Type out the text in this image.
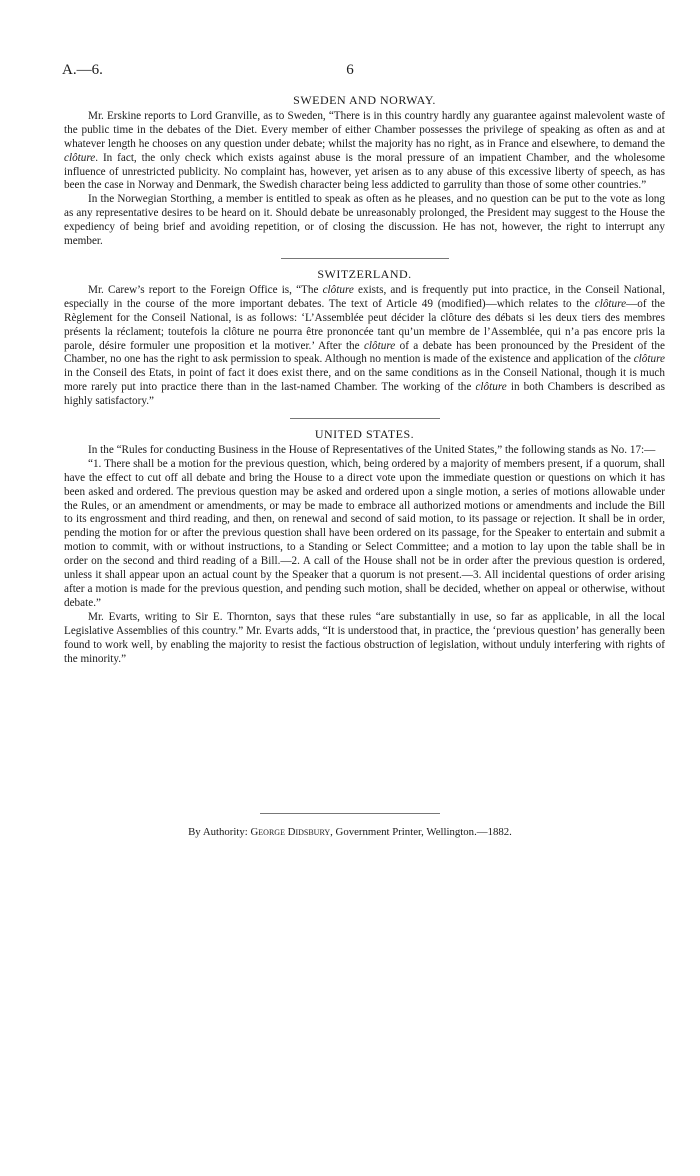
A.—6.	6
SWEDEN AND NORWAY.

Mr. Erskine reports to Lord Granville, as to Sweden, “There is in this country hardly any guarantee against malevolent waste of the public time in the debates of the Diet. Every member of either Chamber possesses the privilege of speaking as often as and at whatever length he chooses on any question under debate; whilst the majority has no right, as in France and elsewhere, to demand the clôture. In fact, the only check which exists against abuse is the moral pressure of an impatient Chamber, and the wholesome influence of unrestricted publicity. No complaint has, however, yet arisen as to any abuse of this excessive liberty of speech, as has been the case in Norway and Denmark, the Swedish character being less addicted to garrulity than those of some other countries.”

In the Norwegian Storthing, a member is entitled to speak as often as he pleases, and no question can be put to the vote as long as any representative desires to be heard on it. Should debate be unreasonably prolonged, the President may suggest to the House the expediency of being brief and avoiding repetition, or of closing the discussion. He has not, however, the right to interrupt any member.

SWITZERLAND.

Mr. Carew’s report to the Foreign Office is, “The clôture exists, and is frequently put into practice, in the Conseil National, especially in the course of the more important debates. The text of Article 49 (modified)—which relates to the clôture—of the Règlement for the Conseil National, is as follows: ‘L’Assemblée peut décider la clôture des débats si les deux tiers des membres présents la réclament; toutefois la clôture ne pourra être prononcée tant qu’un membre de l’Assemblée, qui n’a pas encore pris la parole, désire formuler une proposition et la motiver.’ After the clôture of a debate has been pronounced by the President of the Chamber, no one has the right to ask permission to speak. Although no mention is made of the existence and application of the clôture in the Conseil des Etats, in point of fact it does exist there, and on the same conditions as in the Conseil National, though it is much more rarely put into practice there than in the last-named Chamber. The working of the clôture in both Chambers is described as highly satisfactory.”

UNITED STATES.

In the “Rules for conducting Business in the House of Representatives of the United States,” the following stands as No. 17:—

“1. There shall be a motion for the previous question, which, being ordered by a majority of members present, if a quorum, shall have the effect to cut off all debate and bring the House to a direct vote upon the immediate question or questions on which it has been asked and ordered. The previous question may be asked and ordered upon a single motion, a series of motions allowable under the Rules, or an amendment or amendments, or may be made to embrace all authorized motions or amendments and include the Bill to its engrossment and third reading, and then, on renewal and second of said motion, to its passage or rejection. It shall be in order, pending the motion for or after the previous question shall have been ordered on its passage, for the Speaker to entertain and submit a motion to commit, with or without instructions, to a Standing or Select Committee; and a motion to lay upon the table shall be in order on the second and third reading of a Bill.—2. A call of the House shall not be in order after the previous question is ordered, unless it shall appear upon an actual count by the Speaker that a quorum is not present.—3. All incidental questions of order arising after a motion is made for the previous question, and pending such motion, shall be decided, whether on appeal or otherwise, without debate.”

Mr. Evarts, writing to Sir E. Thornton, says that these rules “are substantially in use, so far as applicable, in all the local Legislative Assemblies of this country.” Mr. Evarts adds, “It is understood that, in practice, the ‘previous question’ has generally been found to work well, by enabling the majority to resist the factious obstruction of legislation, without unduly interfering with rights of the minority.”

By Authority: George Didsbury, Government Printer, Wellington.—1882.
